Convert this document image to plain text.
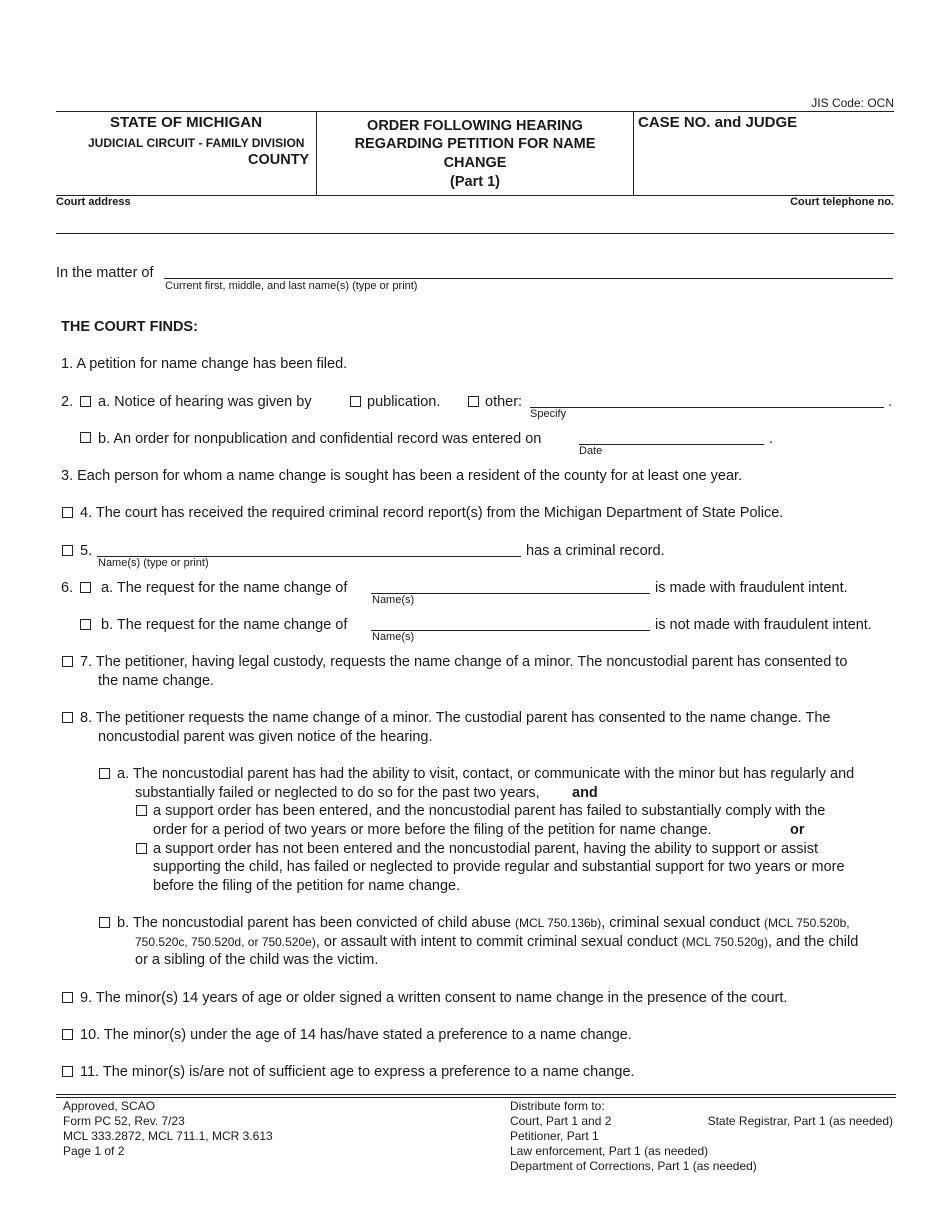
JIS Code: OCN
STATE OF MICHIGAN
JUDICIAL CIRCUIT - FAMILY DIVISION
COUNTY
ORDER FOLLOWING HEARING
REGARDING PETITION FOR NAME
CHANGE
(Part 1)
CASE NO. and JUDGE
Court address	Court telephone no.
In the matter of
Current first, middle, and last name(s) (type or print)
THE COURT FINDS:
1. A petition for name change has been filed.
2. a. Notice of hearing was given by	publication.	other:	.
Specify
b. An order for nonpublication and confidential record was entered on	.
Date
3. Each person for whom a name change is sought has been a resident of the county for at least one year.
4. The court has received the required criminal record report(s) from the Michigan Department of State Police.
5.
Name(s) (type or print)
has a criminal record.
6. a. The request for the name change of
Name(s)
is made with fraudulent intent.
b. The request for the name change of
Name(s)
is not made with fraudulent intent.
7. The petitioner, having legal custody, requests the name change of a minor. The noncustodial parent has consented to
the name change.
8. The petitioner requests the name change of a minor. The custodial parent has consented to the name change. The
noncustodial parent was given notice of the hearing.
a. The noncustodial parent has had the ability to visit, contact, or communicate with the minor but has regularly and
substantially failed or neglected to do so for the past two years, and
a support order has been entered, and the noncustodial parent has failed to substantially comply with the
order for a period of two years or more before the filing of the petition for name change.	or
a support order has not been entered and the noncustodial parent, having the ability to support or assist
supporting the child, has failed or neglected to provide regular and substantial support for two years or more
before the filing of the petition for name change.
b. The noncustodial parent has been convicted of child abuse (MCL 750.136b), criminal sexual conduct (MCL 750.520b,
750.520c, 750.520d, or 750.520e), or assault with intent to commit criminal sexual conduct (MCL 750.520g), and the child
or a sibling of the child was the victim.
9. The minor(s) 14 years of age or older signed a written consent to name change in the presence of the court.
10. The minor(s) under the age of 14 has/have stated a preference to a name change.
11. The minor(s) is/are not of sufficient age to express a preference to a name change.
Approved, SCAO
Form PC 52, Rev. 7/23
MCL 333.2872, MCL 711.1, MCR 3.613
Page 1 of 2
Distribute form to:
Court, Part 1 and 2
Petitioner, Part 1
Law enforcement, Part 1 (as needed)
Department of Corrections, Part 1 (as needed)
State Registrar, Part 1 (as needed)
